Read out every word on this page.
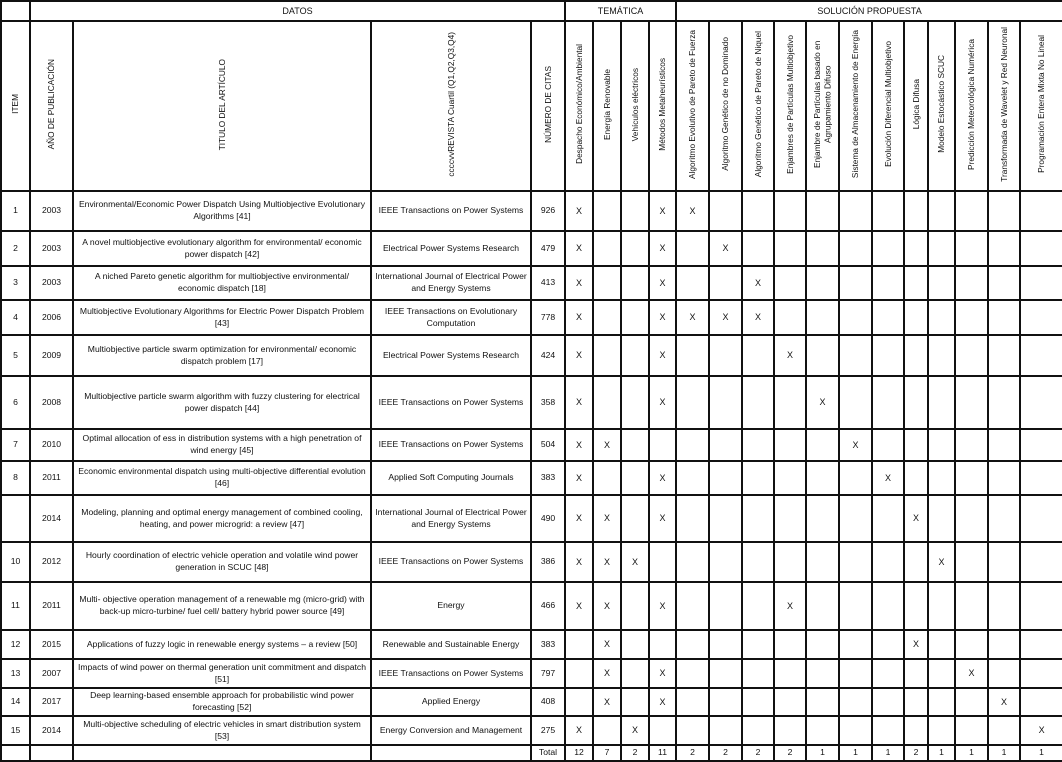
	DATOS				TEMÁTICA				SOLUCIÓN PROPUESTA											
ITEM	AÑO DE PUBLICACIÓN	TITULO DEL ARTÍCULO	ccccvvREVISTA Cuartil (Q1,Q2,Q3,Q4)	NÚMERO DE CITAS	Despacho Económico/Ambiental	Energía Renovable	Vehículos eléctricos	Métodos Metaheurísticos	Algoritmo Evolutivo de Pareto de Fuerza	Algoritmo Genético de no Dominado	Algoritmo Genético de Pareto de Niquel	Enjambres de Partículas Multiobjetivo	Enjambre de Partículas basado en Agrupamiento Difuso	Sistema de Almacenamiento de Energía	Evolución Diferencial Multiobjetivo	Lógica Difusa	Modelo Estocástico SCUC	Predicción Meteorológica Numérica	Transformada de Wavelet y Red Neuronal	Programación Entera Mixta No Lineal
1	2003	Environmental/Economic Power Dispatch Using Multiobjective Evolutionary Algorithms [41]	IEEE Transactions on Power Systems	926	X			X	X											
2	2003	A novel multiobjective evolutionary algorithm for environmental/ economic power dispatch [42]	Electrical Power Systems Research	479	X			X		X										
3	2003	A niched Pareto genetic algorithm for multiobjective environmental/ economic dispatch [18]	International Journal of Electrical Power and Energy Systems	413	X			X			X									
4	2006	Multiobjective Evolutionary Algorithms for Electric Power Dispatch Problem [43]	IEEE Transactions on Evolutionary Computation	778	X			X	X	X	X									
5	2009	Multiobjective particle swarm optimization for environmental/ economic dispatch problem [17]	Electrical Power Systems Research	424	X			X				X								
6	2008	Multiobjective particle swarm algorithm with fuzzy clustering for electrical power dispatch [44]	IEEE Transactions on Power Systems	358	X			X					X							
7	2010	Optimal allocation of ess in distribution systems with a high penetration of wind energy [45]	IEEE Transactions on Power Systems	504	X	X								X						
8	2011	Economic environmental dispatch using multi-objective differential evolution [46]	Applied Soft Computing Journals	383	X			X							X					
	2014	Modeling, planning and optimal energy management of combined cooling, heating, and power microgrid: a review [47]	International Journal of Electrical Power and Energy Systems	490	X	X		X								X				
10	2012	Hourly coordination of electric vehicle operation and volatile wind power generation in SCUC [48]	IEEE Transactions on Power Systems	386	X	X	X										X			
11	2011	Multi- objective operation management of a renewable mg (micro-grid) with back-up micro-turbine/ fuel cell/ battery hybrid power source [49]	Energy	466	X	X		X				X								
12	2015	Applications of fuzzy logic in renewable energy systems – a review [50]	Renewable and Sustainable Energy	383		X										X				
13	2007	Impacts of wind power on thermal generation unit commitment and dispatch [51]	IEEE Transactions on Power Systems	797		X		X										X		
14	2017	Deep learning-based ensemble approach for probabilistic wind power forecasting [52]	Applied Energy	408		X		X											X	
15	2014	Multi-objective scheduling of electric vehicles in smart distribution system [53]	Energy Conversion and Management	275	X		X													X
				Total	12	7	2	11	2	2	2	2	1	1	1	2	1	1	1	1
